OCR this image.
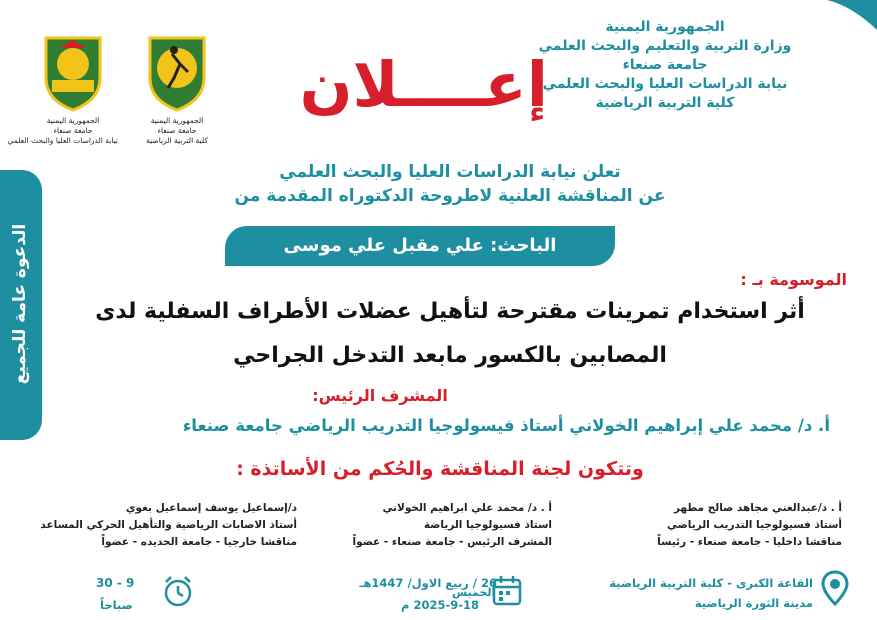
الجمهورية اليمنية
وزارة التربية والتعليم والبحث العلمي
جامعة صنعاء
نيابة الدراسات العليا والبحث العلمي
كلية التربية الرياضية
إعــــلان
الجمهورية اليمنية
جامعة صنعاء
نيابة الدراسات العليا والبحث العلمي
الجمهورية اليمنية
جامعة صنعاء
كلية التربية الرياضية
تعلن نيابة الدراسات العليا والبحث العلمي
عن المناقشة العلنية لاطروحة الدكتوراه المقدمة من
الباحث: علي مقبل علي موسى
الدعوة عامة للجميع	الموسومة بـ :
أثر استخدام تمرينات مقترحة لتأهيل عضلات الأطراف السفلية لدى
المصابين بالكسور مابعد التدخل الجراحي
المشرف الرئيس:
أ. د/ محمد علي إبراهيم الخولاني أستاذ فيسولوجيا التدريب الرياضي جامعة صنعاء
وتتكون لجنة المناقشة والحُكم من الأساتذة :
أ . د/عبدالغني مجاهد صالح مطهر
أستاذ فسيولوجيا التدريب الرياضي
مناقشا داخليا - جامعة صنعاء - رئيساً
أ . د/ محمد علي ابراهيم الخولاني
استاذ فسيولوجيا الرياضة
المشرف الرئيس - جامعة صنعاء - عضواً
د/إسماعيل يوسف إسماعيل بغوي
أستاذ الاصابات الرياضية والتأهيل الحركي المساعد
مناقشا خارجيا - جامعة الحديده - عضواً
القاعة الكبرى - كلية التربية الرياضية
مدينة الثورة الرياضية
26 / ربيع الاول/ 1447هـ
2025-9-18 م
الخميس
30 - 9
صباحاً
